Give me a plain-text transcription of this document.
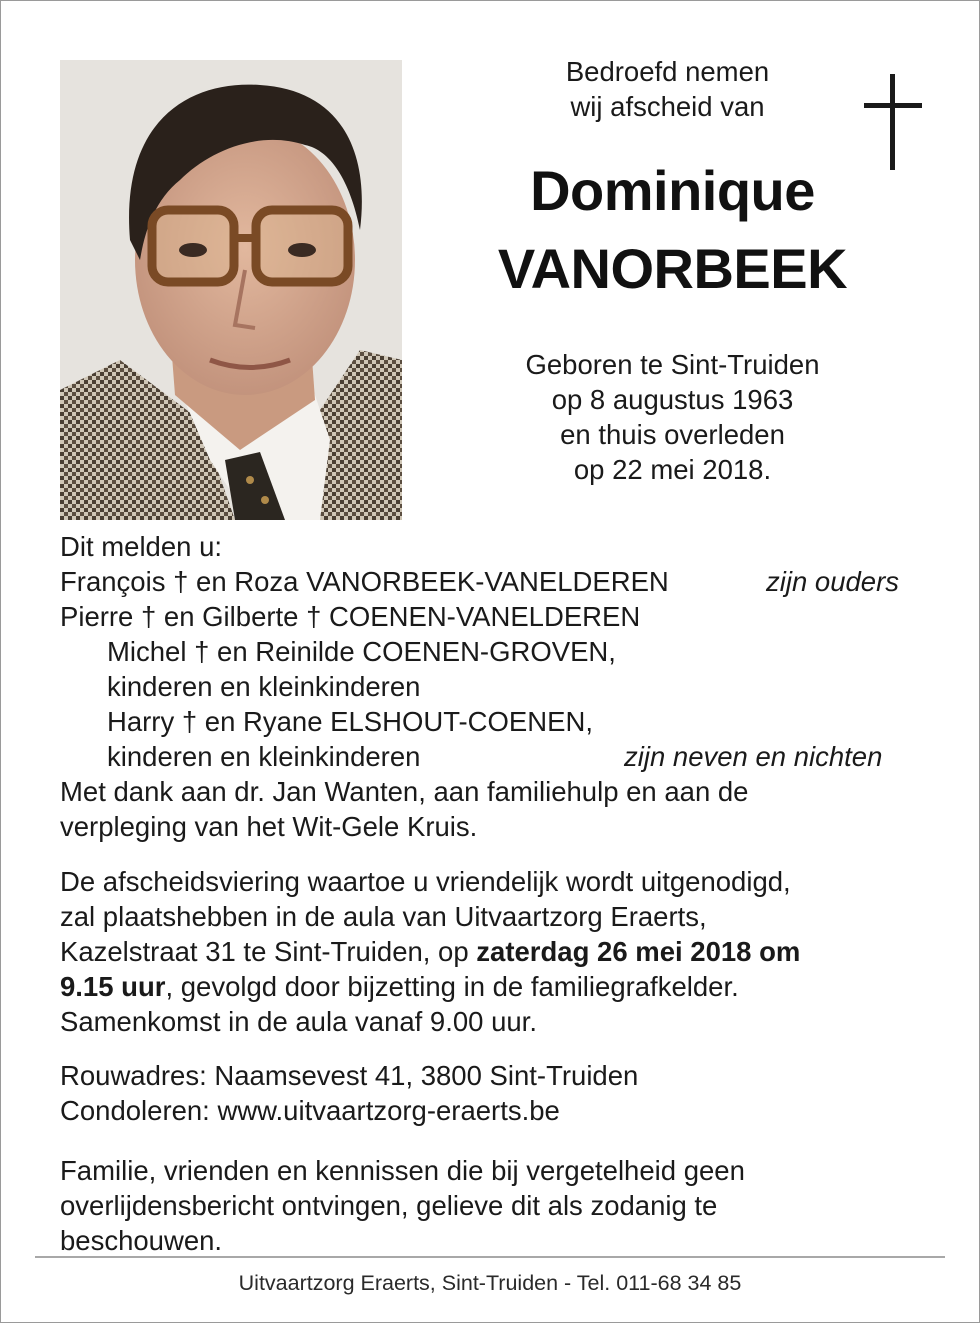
Bedroefd nemen
wij afscheid van
Dominique
VANORBEEK
Geboren te Sint-Truiden
op 8 augustus 1963
en thuis overleden
op 22 mei 2018.
Dit melden u:
François † en Roza VANORBEEK-VANELDEREN	zijn ouders
Pierre † en Gilberte † COENEN-VANELDEREN
Michel † en Reinilde COENEN-GROVEN,
kinderen en kleinkinderen
Harry † en Ryane ELSHOUT-COENEN,
kinderen en kleinkinderen	zijn neven en nichten
Met dank aan dr. Jan Wanten, aan familiehulp en aan de
verpleging van het Wit-Gele Kruis.
De afscheidsviering waartoe u vriendelijk wordt uitgenodigd,
zal plaatshebben in de aula van Uitvaartzorg Eraerts,
Kazelstraat 31 te Sint-Truiden, op zaterdag 26 mei 2018 om
9.15 uur, gevolgd door bijzetting in de familiegrafkelder.
Samenkomst in de aula vanaf 9.00 uur.
Rouwadres: Naamsevest 41, 3800 Sint-Truiden
Condoleren: www.uitvaartzorg-eraerts.be
Familie, vrienden en kennissen die bij vergetelheid geen
overlijdensbericht ontvingen, gelieve dit als zodanig te
beschouwen.
Uitvaartzorg Eraerts, Sint-Truiden - Tel. 011-68 34 85
